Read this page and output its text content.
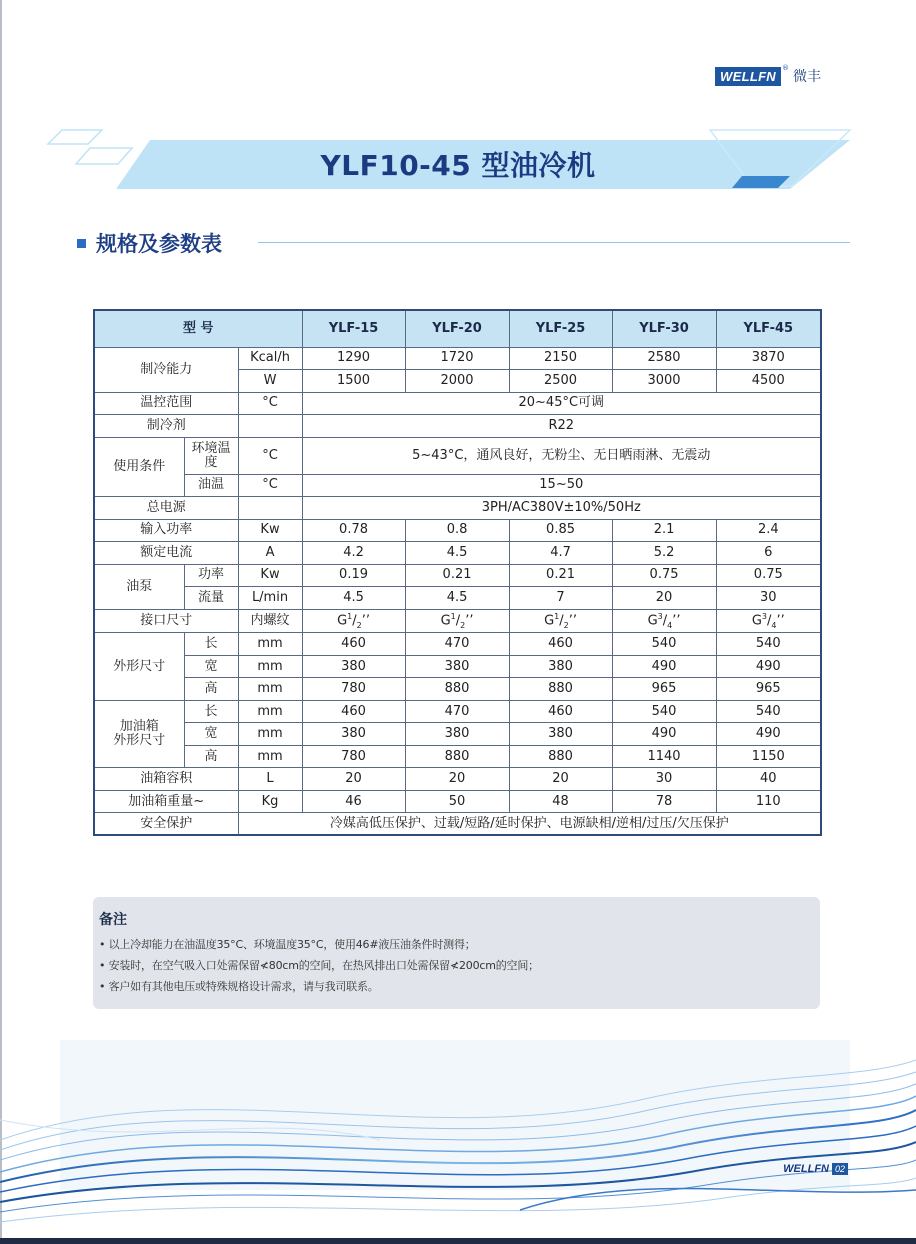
WELLFN
®
微丰
YLF10-45 型油冷机
规格及参数表
型 号			YLF-15	YLF-20	YLF-25	YLF-30	YLF-45
制冷能力		Kcal/h	1290	1720	2150	2580	3870
		W	1500	2000	2500	3000	4500
温控范围		°C	20~45°C可调				
制冷剂			R22				
使用条件	环境温度	°C	5~43°C，通风良好，无粉尘、无日晒雨淋、无震动				
	油温	°C	15~50				
总电源			3PH/AC380V±10%/50Hz				
输入功率		Kw	0.78	0.8	0.85	2.1	2.4
额定电流		A	4.2	4.5	4.7	5.2	6
油泵	功率	Kw	0.19	0.21	0.21	0.75	0.75
	流量	L/min	4.5	4.5	7	20	30
接口尺寸		内螺纹	$G^1/_2$’’	$G^1/_2$’’	$G^1/_2$’’	$G^3/_4$’’	$G^3/_4$’’
外形尺寸	长	mm	460	470	460	540	540
	宽	mm	380	380	380	490	490
	高	mm	780	880	880	965	965
加油箱
外形尺寸	长	mm	460	470	460	540	540
	宽	mm	380	380	380	490	490
	高	mm	780	880	880	1140	1150
油箱容积		L	20	20	20	30	40
加油箱重量~		Kg	46	50	48	78	110
安全保护		冷媒高低压保护、过载/短路/延时保护、电源缺相/逆相/过压/欠压保护					
备注
• 以上冷却能力在油温度35°C、环境温度35°C，使用46#液压油条件时测得；
• 安装时，在空气吸入口处需保留≮80cm的空间，在热风排出口处需保留≮200cm的空间；
• 客户如有其他电压或特殊规格设计需求，请与我司联系。
WELLFN 02
